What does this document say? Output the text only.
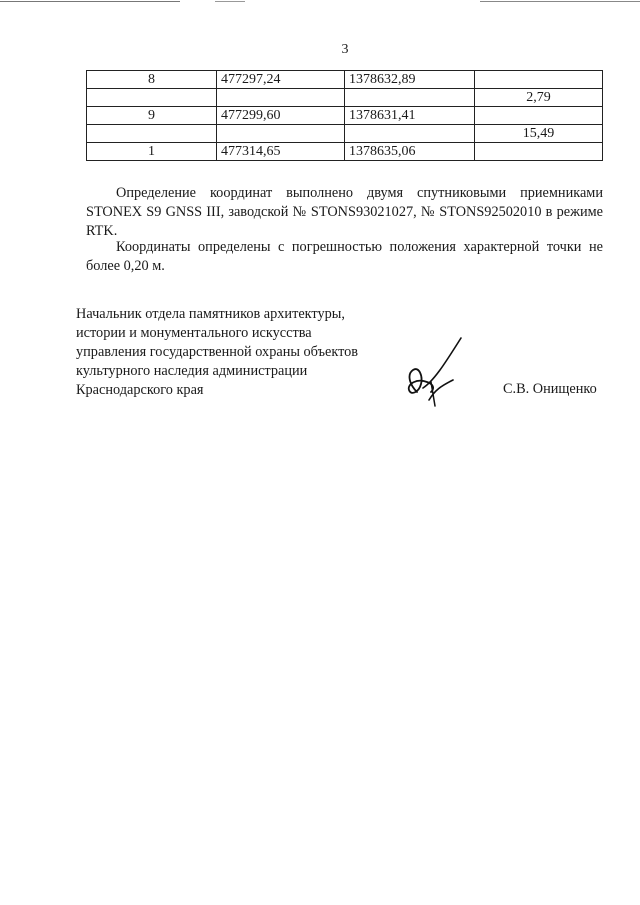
3
8	477297,24	1378632,89	
			2,79
9	477299,60	1378631,41	
			15,49
1	477314,65	1378635,06	

Определение координат выполнено двумя спутниковыми приемниками STONEX S9 GNSS III, заводской № STONS93021027, № STONS92502010 в режиме RTK.

Координаты определены с погрешностью положения характерной точки не более 0,20 м.

Начальник отдела памятников архитектуры,
истории и монументального искусства
управления государственной охраны объектов
культурного наследия администрации
Краснодарского края	С.В. Онищенко
